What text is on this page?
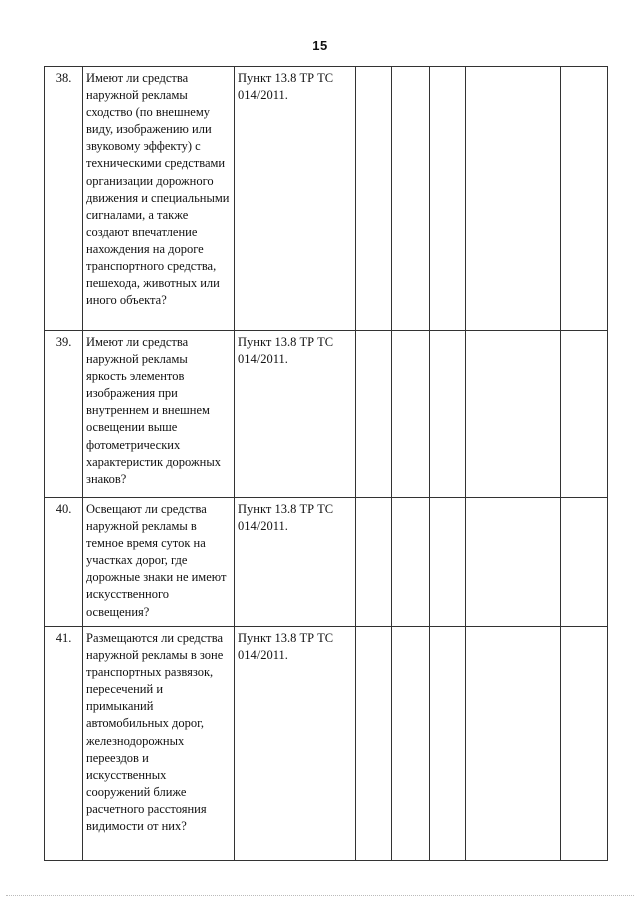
15
38.	Имеют ли средства наружной рекламы сходство (по внешнему виду, изображению или звуковому эффекту) с техническими средствами организации дорожного движения и специальными сигналами, а также создают впечатление нахождения на дороге транспортного средства, пешехода, животных или иного объекта?	Пункт 13.8 ТР ТС
014/2011.					
39.	Имеют ли средства наружной рекламы яркость элементов изображения при внутреннем и внешнем освещении выше фотометрических характеристик дорожных знаков?	Пункт 13.8 ТР ТС
014/2011.					
40.	Освещают ли средства наружной рекламы в темное время суток на участках дорог, где дорожные знаки не имеют искусственного освещения?	Пункт 13.8 ТР ТС
014/2011.					
41.	Размещаются ли средства наружной рекламы в зоне транспортных развязок, пересечений и примыканий автомобильных дорог, железнодорожных переездов и искусственных сооружений ближе расчетного расстояния видимости от них?	Пункт 13.8 ТР ТС
014/2011.					
